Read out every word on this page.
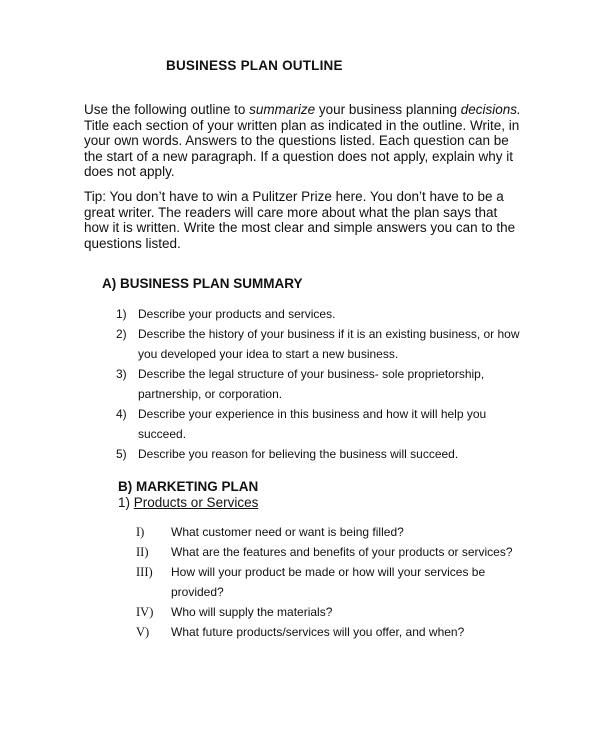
BUSINESS PLAN OUTLINE
Use the following outline to summarize your business planning decisions. Title each section of your written plan as indicated in the outline. Write, in your own words. Answers to the questions listed. Each question can be the start of a new paragraph. If a question does not apply, explain why it does not apply.
Tip: You don’t have to win a Pulitzer Prize here. You don’t have to be a great writer. The readers will care more about what the plan says that how it is written. Write the most clear and simple answers you can to the questions listed.
A) BUSINESS PLAN SUMMARY
1) Describe your products and services.
2) Describe the history of your business if it is an existing business, or how you developed your idea to start a new business.
3) Describe the legal structure of your business- sole proprietorship, partnership, or corporation.
4) Describe your experience in this business and how it will help you succeed.
5) Describe you reason for believing the business will succeed.
B) MARKETING PLAN
1) Products or Services
I) What customer need or want is being filled?
II) What are the features and benefits of your products or services?
III) How will your product be made or how will your services be provided?
IV) Who will supply the materials?
V) What future products/services will you offer, and when?
